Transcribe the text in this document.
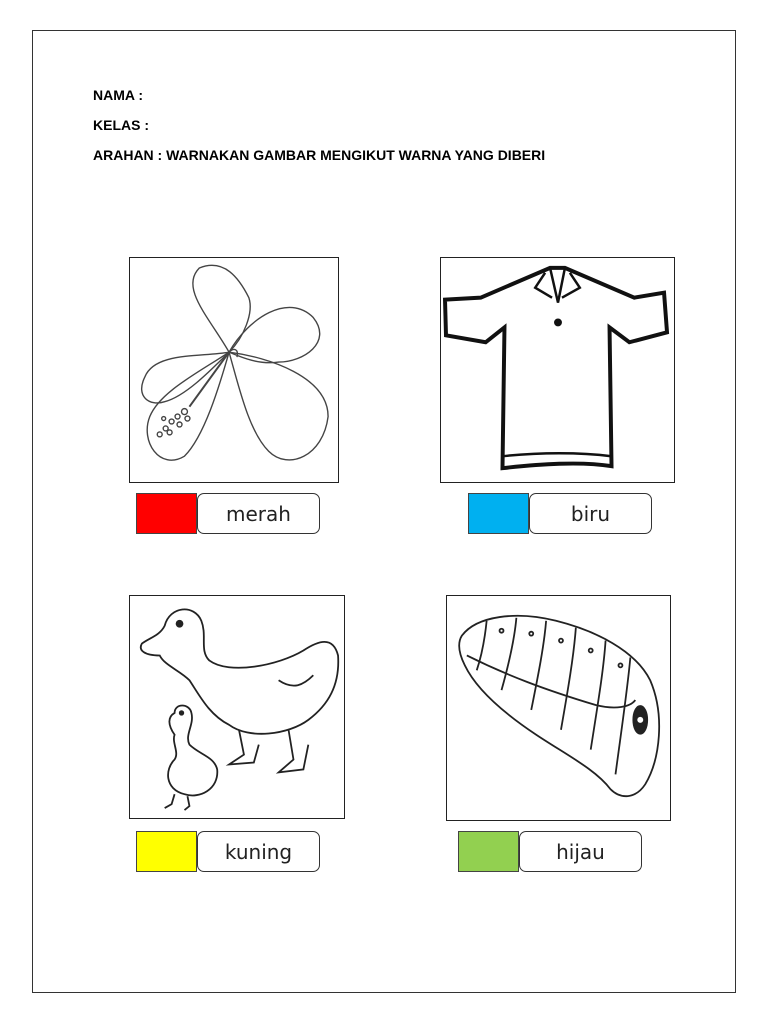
NAMA :
KELAS :
ARAHAN : WARNAKAN GAMBAR MENGIKUT WARNA YANG DIBERI
merah	biru
kuning	hijau
